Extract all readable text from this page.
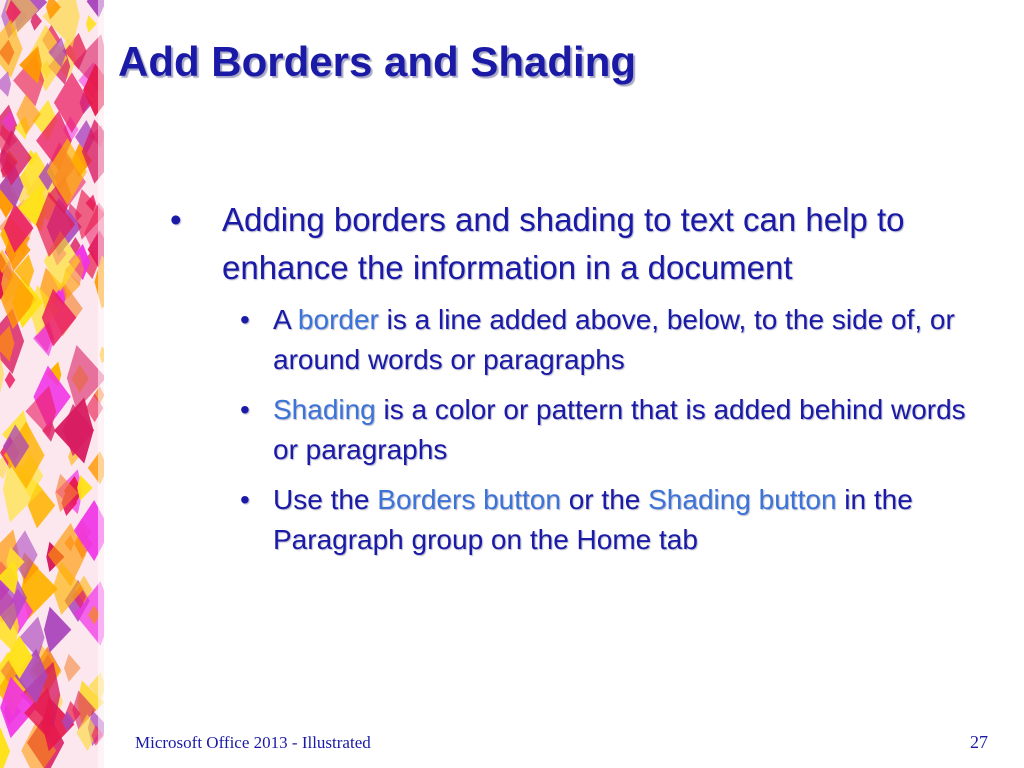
Add Borders and Shading

• Adding borders and shading to text can help to enhance the information in a document

• A border is a line added above, below, to the side of, or around words or paragraphs

• Shading is a color or pattern that is added behind words or paragraphs

• Use the Borders button or the Shading button in the Paragraph group on the Home tab

Microsoft Office 2013 - Illustrated	27
